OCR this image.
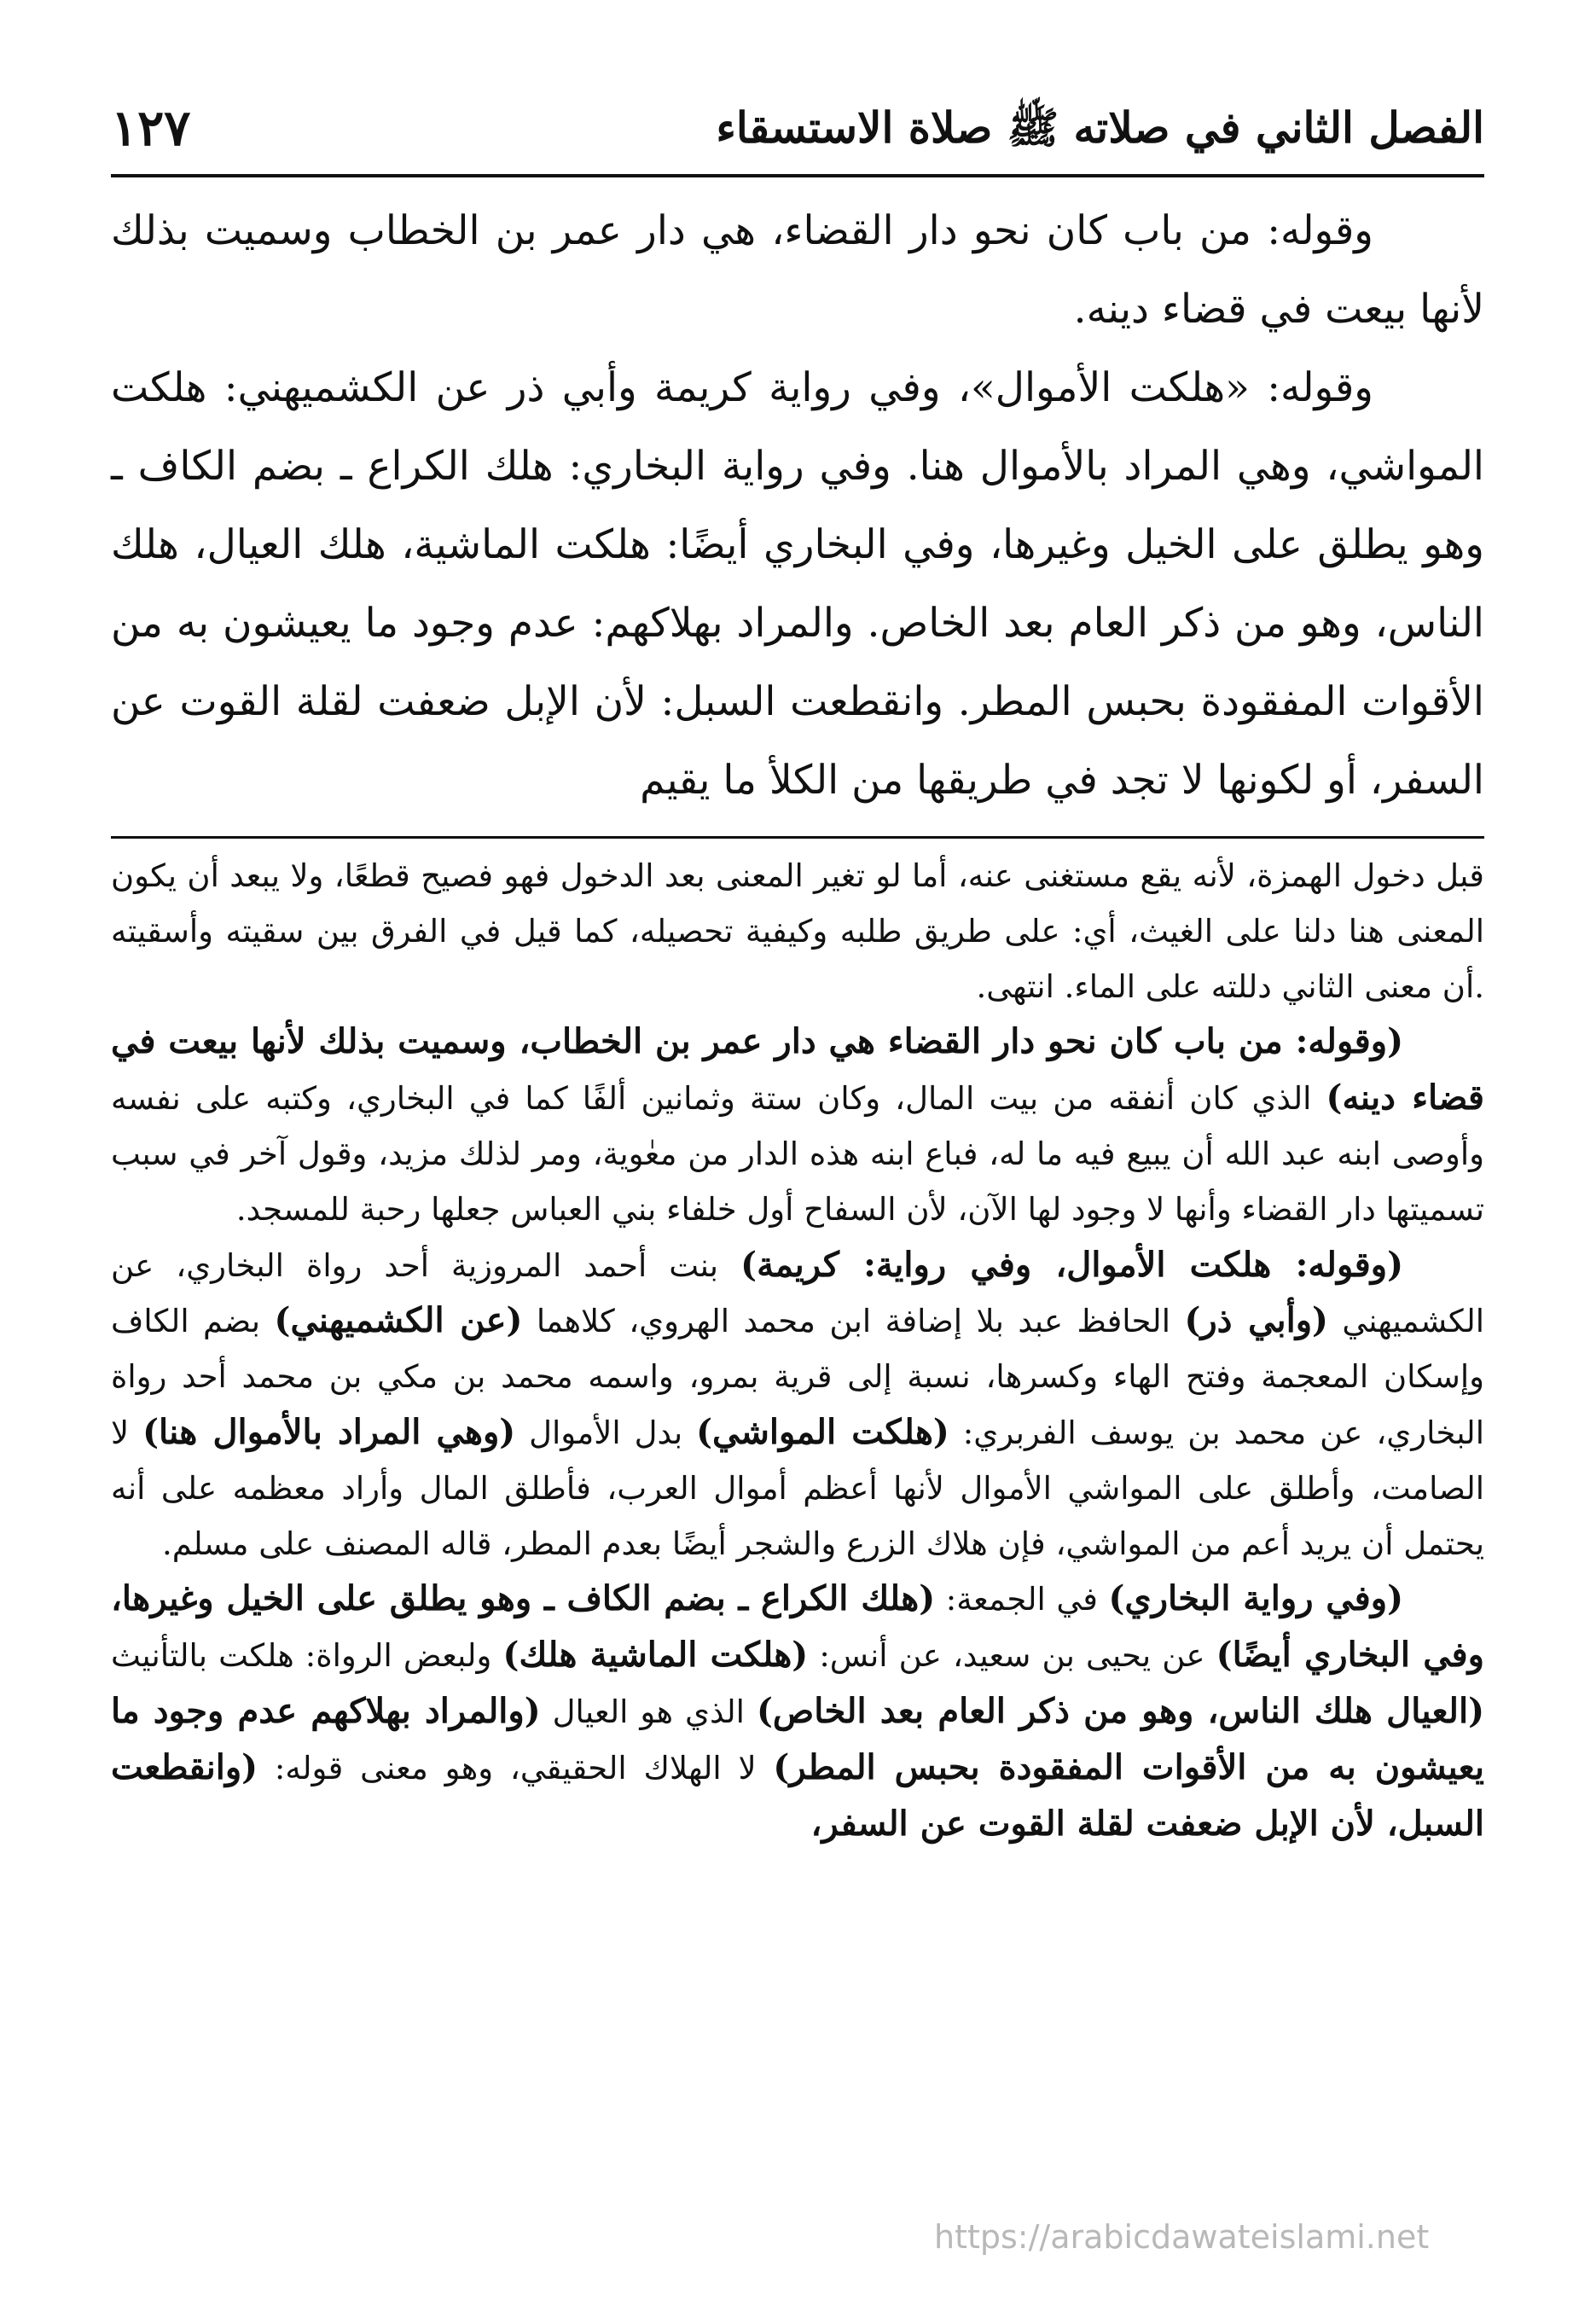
الفصل الثاني في صلاته ﷺ صلاة الاستسقاء
١٢٧

وقوله: من باب كان نحو دار القضاء، هي دار عمر بن الخطاب وسميت بذلك لأنها بيعت في قضاء دينه.

وقوله: «هلكت الأموال»، وفي رواية كريمة وأبي ذر عن الكشميهني: هلكت المواشي، وهي المراد بالأموال هنا. وفي رواية البخاري: هلك الكراع ـ بضم الكاف ـ وهو يطلق على الخيل وغيرها، وفي البخاري أيضًا: هلكت الماشية، هلك العيال، هلك الناس، وهو من ذكر العام بعد الخاص. والمراد بهلاكهم: عدم وجود ما يعيشون به من الأقوات المفقودة بحبس المطر. وانقطعت السبل: لأن الإبل ضعفت لقلة القوت عن السفر، أو لكونها لا تجد في طريقها من الكلأ ما يقيم

قبل دخول الهمزة، لأنه يقع مستغنى عنه، أما لو تغير المعنى بعد الدخول فهو فصيح قطعًا، ولا يبعد أن يكون المعنى هنا دلنا على الغيث، أي: على طريق طلبه وكيفية تحصيله، كما قيل في الفرق بين سقيته وأسقيته .أن معنى الثاني دللته على الماء. انتهى.

(وقوله: من باب كان نحو دار القضاء هي دار عمر بن الخطاب، وسميت بذلك لأنها بيعت في قضاء دينه) الذي كان أنفقه من بيت المال، وكان ستة وثمانين ألفًا كما في البخاري، وكتبه على نفسه وأوصى ابنه عبد الله أن يبيع فيه ما له، فباع ابنه هذه الدار من معٰوية، ومر لذلك مزيد، وقول آخر في سبب تسميتها دار القضاء وأنها لا وجود لها الآن، لأن السفاح أول خلفاء بني العباس جعلها رحبة للمسجد.

(وقوله: هلكت الأموال، وفي رواية: كريمة) بنت أحمد المروزية أحد رواة البخاري، عن الكشميهني (وأبي ذر) الحافظ عبد بلا إضافة ابن محمد الهروي، كلاهما (عن الكشميهني) بضم الكاف وإسكان المعجمة وفتح الهاء وكسرها، نسبة إلى قرية بمرو، واسمه محمد بن مكي بن محمد أحد رواة البخاري، عن محمد بن يوسف الفربري: (هلكت المواشي) بدل الأموال (وهي المراد بالأموال هنا) لا الصامت، وأطلق على المواشي الأموال لأنها أعظم أموال العرب، فأطلق المال وأراد معظمه على أنه يحتمل أن يريد أعم من المواشي، فإن هلاك الزرع والشجر أيضًا بعدم المطر، قاله المصنف على مسلم.

(وفي رواية البخاري) في الجمعة: (هلك الكراع ـ بضم الكاف ـ وهو يطلق على الخيل وغيرها، وفي البخاري أيضًا) عن يحيى بن سعيد، عن أنس: (هلكت الماشية هلك) ولبعض الرواة: هلكت بالتأنيث (العيال هلك الناس، وهو من ذكر العام بعد الخاص) الذي هو العيال (والمراد بهلاكهم عدم وجود ما يعيشون به من الأقوات المفقودة بحبس المطر) لا الهلاك الحقيقي، وهو معنى قوله: (وانقطعت السبل، لأن الإبل ضعفت لقلة القوت عن السفر،

https://arabicdawateislami.net
